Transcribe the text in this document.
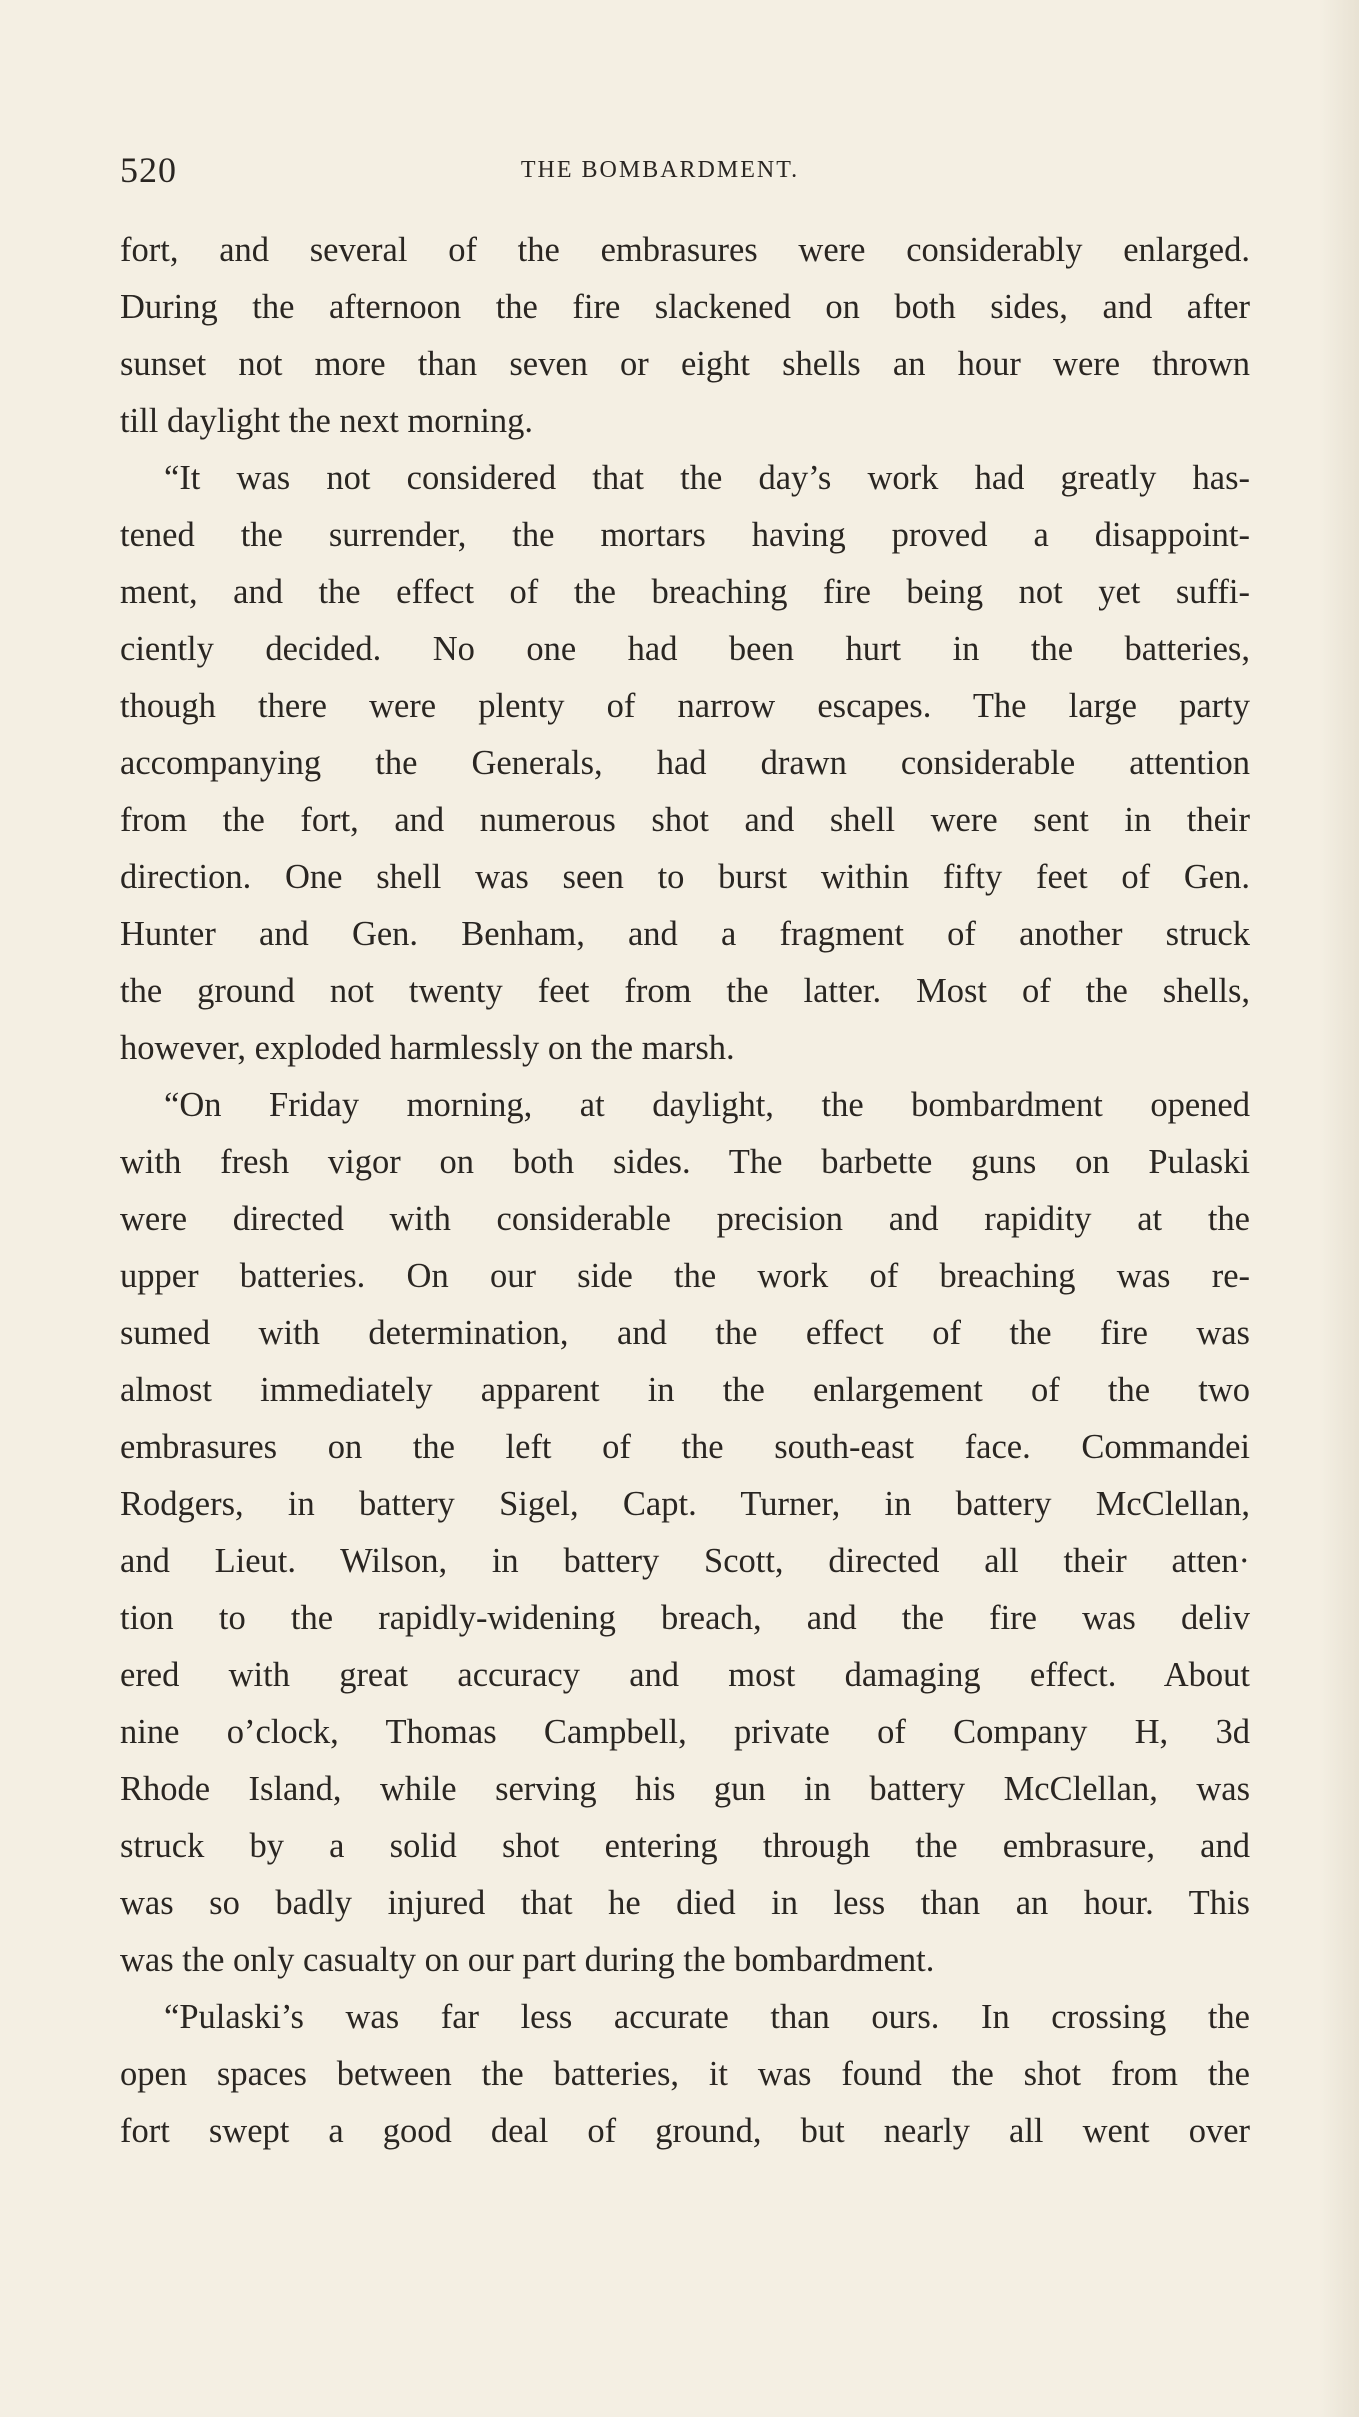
520	THE BOMBARDMENT.
fort, and several of the embrasures were considerably enlarged.
During the afternoon the fire slackened on both sides, and after
sunset not more than seven or eight shells an hour were thrown
till daylight the next morning.
“It was not considered that the day’s work had greatly has-
tened the surrender, the mortars having proved a disappoint-
ment, and the effect of the breaching fire being not yet suffi-
ciently decided. No one had been hurt in the batteries,
though there were plenty of narrow escapes. The large party
accompanying the Generals, had drawn considerable attention
from the fort, and numerous shot and shell were sent in their
direction. One shell was seen to burst within fifty feet of Gen.
Hunter and Gen. Benham, and a fragment of another struck
the ground not twenty feet from the latter. Most of the shells,
however, exploded harmlessly on the marsh.
“On Friday morning, at daylight, the bombardment opened
with fresh vigor on both sides. The barbette guns on Pulaski
were directed with considerable precision and rapidity at the
upper batteries. On our side the work of breaching was re-
sumed with determination, and the effect of the fire was
almost immediately apparent in the enlargement of the two
embrasures on the left of the south-east face. Commandei
Rodgers, in battery Sigel, Capt. Turner, in battery McClellan,
and Lieut. Wilson, in battery Scott, directed all their atten·
tion to the rapidly-widening breach, and the fire was deliv
ered with great accuracy and most damaging effect. About
nine o’clock, Thomas Campbell, private of Company H, 3d
Rhode Island, while serving his gun in battery McClellan, was
struck by a solid shot entering through the embrasure, and
was so badly injured that he died in less than an hour. This
was the only casualty on our part during the bombardment.
“Pulaski’s was far less accurate than ours. In crossing the
open spaces between the batteries, it was found the shot from the
fort swept a good deal of ground, but nearly all went over
